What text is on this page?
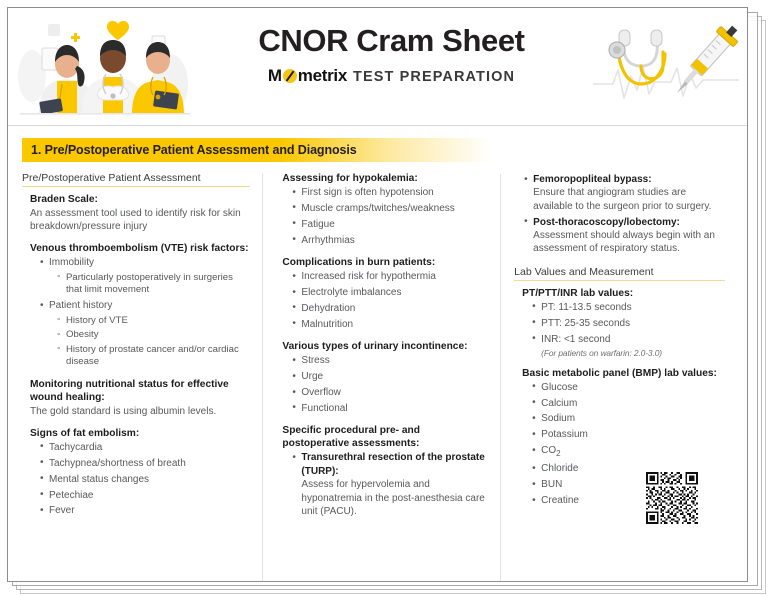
CNOR Cram Sheet
M metrix TEST PREPARATION
1. Pre/Postoperative Patient Assessment and Diagnosis
Pre/Postoperative Patient Assessment
Braden Scale:
An assessment tool used to identify risk for skin breakdown/pressure injury
Venous thromboembolism (VTE) risk factors:
• Immobility
◦ Particularly postoperatively in surgeries that limit movement
• Patient history
◦ History of VTE
◦ Obesity
◦ History of prostate cancer and/or cardiac disease
Monitoring nutritional status for effective wound healing:
The gold standard is using albumin levels.
Signs of fat embolism:
• Tachycardia
• Tachypnea/shortness of breath
• Mental status changes
• Petechiae
• Fever
Assessing for hypokalemia:
• First sign is often hypotension
• Muscle cramps/twitches/weakness
• Fatigue
• Arrhythmias
Complications in burn patients:
• Increased risk for hypothermia
• Electrolyte imbalances
• Dehydration
• Malnutrition
Various types of urinary incontinence:
• Stress
• Urge
• Overflow
• Functional
Specific procedural pre- and postoperative assessments:
• Transurethral resection of the prostate (TURP):
Assess for hypervolemia and hyponatremia in the post-anesthesia care unit (PACU).
• Femoropopliteal bypass:
Ensure that angiogram studies are available to the surgeon prior to surgery.
• Post-thoracoscopy/lobectomy:
Assessment should always begin with an assessment of respiratory status.
Lab Values and Measurement
PT/PTT/INR lab values:
• PT: 11-13.5 seconds
• PTT: 25-35 seconds
• INR: <1 second
(For patients on warfarin: 2.0-3.0)
Basic metabolic panel (BMP) lab values:
• Glucose
• Calcium
• Sodium
• Potassium
• $CO_2$
• Chloride
• BUN
• Creatine
